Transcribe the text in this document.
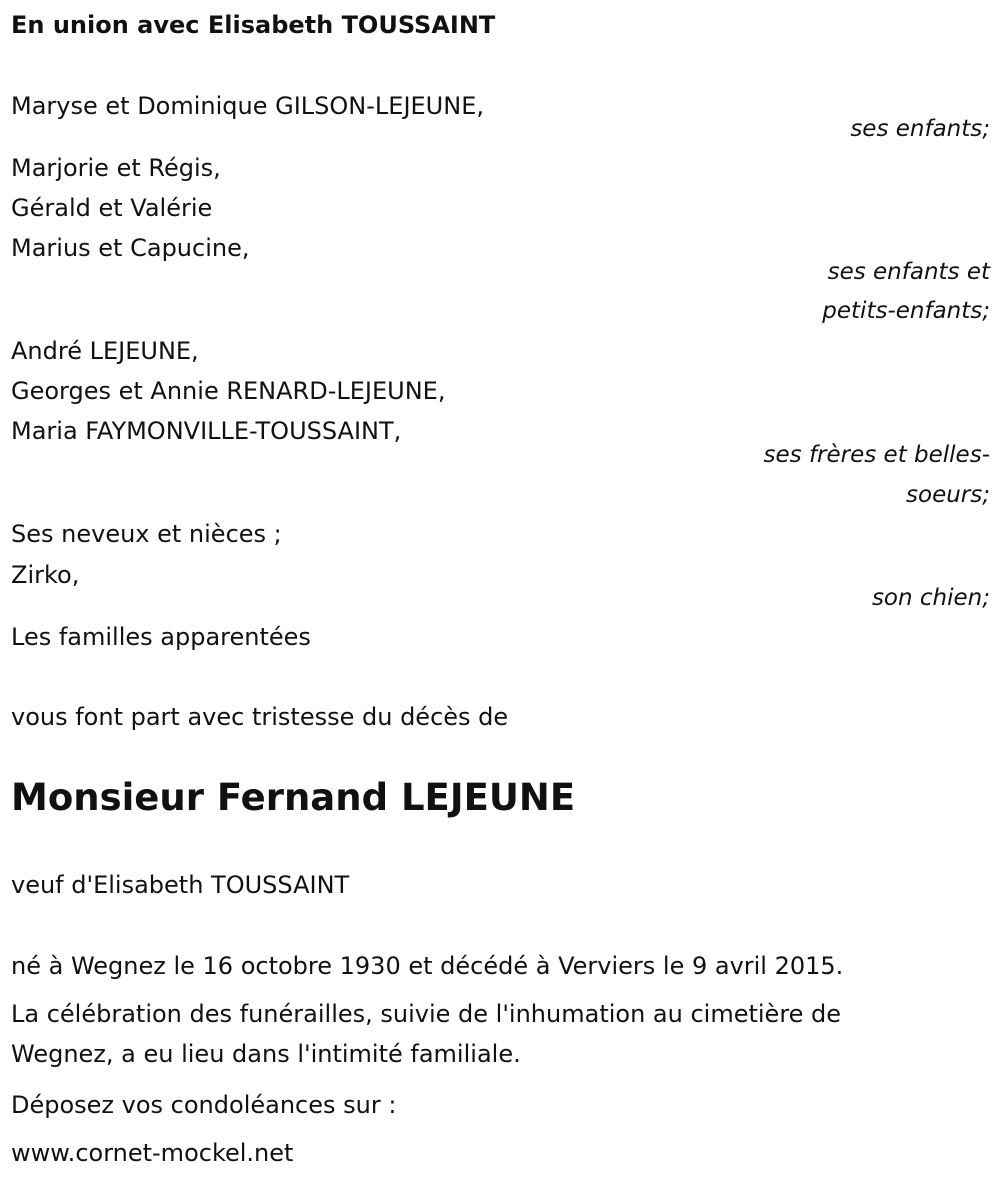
En union avec Elisabeth TOUSSAINT

Maryse et Dominique GILSON-LEJEUNE,

ses enfants;

Marjorie et Régis,

Gérald et Valérie

Marius et Capucine,

ses enfants et

petits-enfants;

André LEJEUNE,

Georges et Annie RENARD-LEJEUNE,

Maria FAYMONVILLE-TOUSSAINT,

ses frères et belles-

soeurs;

Ses neveux et nièces ;

Zirko,

son chien;

Les familles apparentées

vous font part avec tristesse du décès de

Monsieur Fernand LEJEUNE

veuf d'Elisabeth TOUSSAINT

né à Wegnez le 16 octobre 1930 et décédé à Verviers le 9 avril 2015.

La célébration des funérailles, suivie de l'inhumation au cimetière de

Wegnez, a eu lieu dans l'intimité familiale.

Déposez vos condoléances sur :

www.cornet-mockel.net
